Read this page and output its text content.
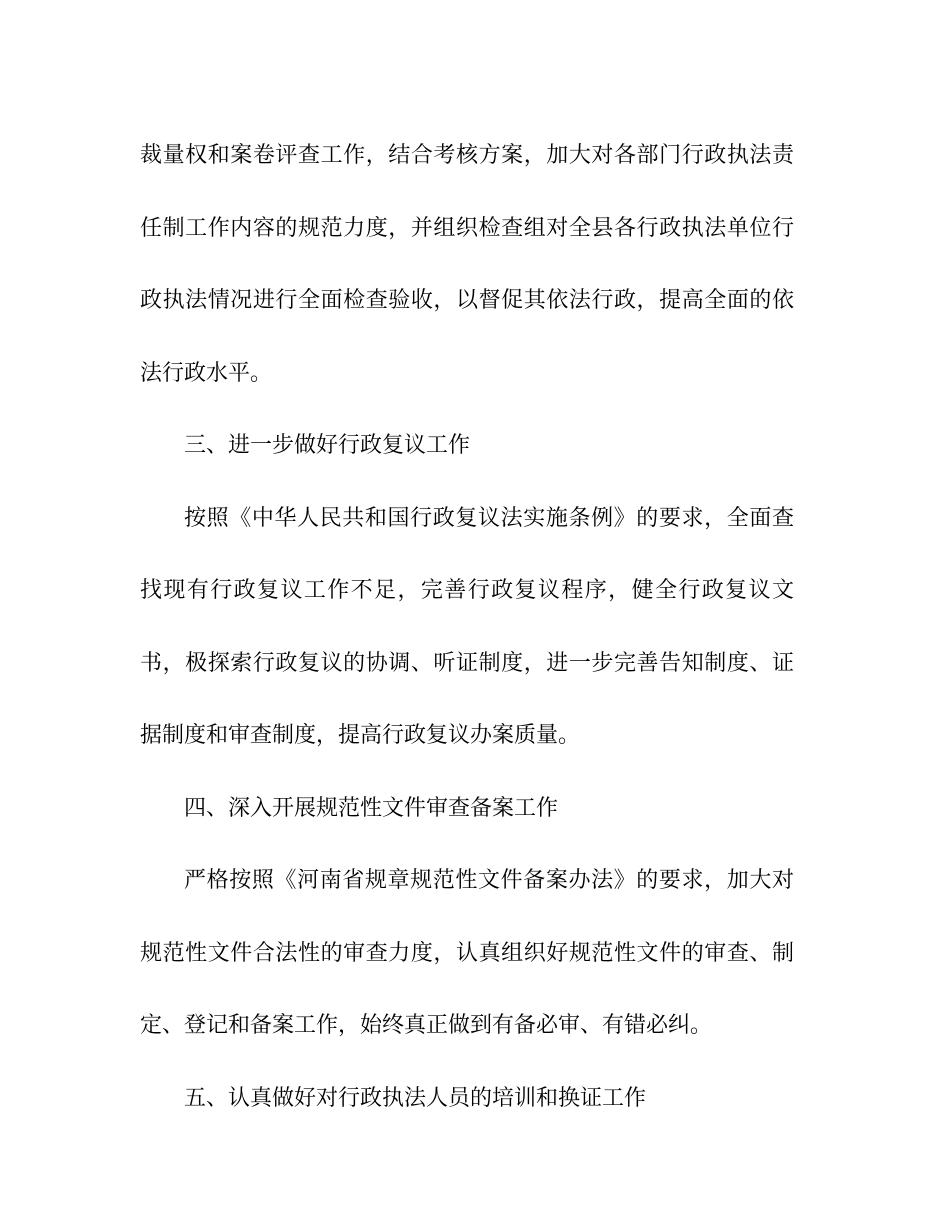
裁量权和案卷评查工作，结合考核方案，加大对各部门行政执法责任制工作内容的规范力度，并组织检查组对全县各行政执法单位行政执法情况进行全面检查验收，以督促其依法行政，提高全面的依法行政水平。

三、进一步做好行政复议工作

按照《中华人民共和国行政复议法实施条例》的要求，全面查找现有行政复议工作不足，完善行政复议程序，健全行政复议文书，极探索行政复议的协调、听证制度，进一步完善告知制度、证据制度和审查制度，提高行政复议办案质量。

四、深入开展规范性文件审查备案工作

严格按照《河南省规章规范性文件备案办法》的要求，加大对规范性文件合法性的审查力度，认真组织好规范性文件的审查、制定、登记和备案工作，始终真正做到有备必审、有错必纠。

五、认真做好对行政执法人员的培训和换证工作
